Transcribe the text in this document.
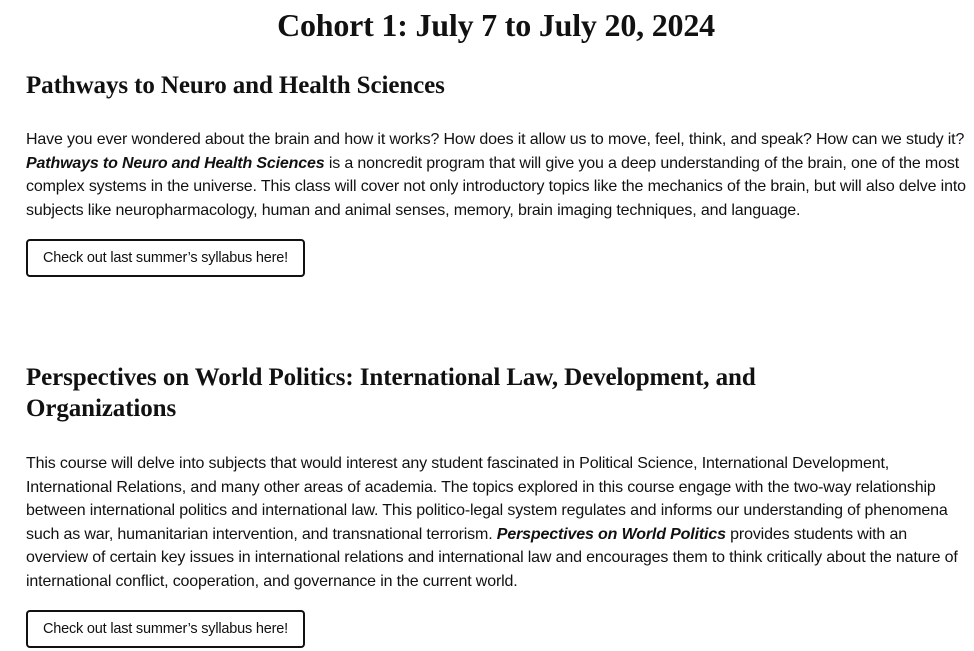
Cohort 1: July 7 to July 20, 2024
Pathways to Neuro and Health Sciences

Have you ever wondered about the brain and how it works? How does it allow us to move, feel, think, and speak? How can we study it? Pathways to Neuro and Health Sciences is a noncredit program that will give you a deep understanding of the brain, one of the most complex systems in the universe. This class will cover not only introductory topics like the mechanics of the brain, but will also delve into subjects like neuropharmacology, human and animal senses, memory, brain imaging techniques, and language.

Check out last summer’s syllabus here!
Perspectives on World Politics: International Law, Development, and Organizations

This course will delve into subjects that would interest any student fascinated in Political Science, International Development, International Relations, and many other areas of academia. The topics explored in this course engage with the two-way relationship between international politics and international law. This politico-legal system regulates and informs our understanding of phenomena such as war, humanitarian intervention, and transnational terrorism. Perspectives on World Politics provides students with an overview of certain key issues in international relations and international law and encourages them to think critically about the nature of international conflict, cooperation, and governance in the current world.

Check out last summer’s syllabus here!
